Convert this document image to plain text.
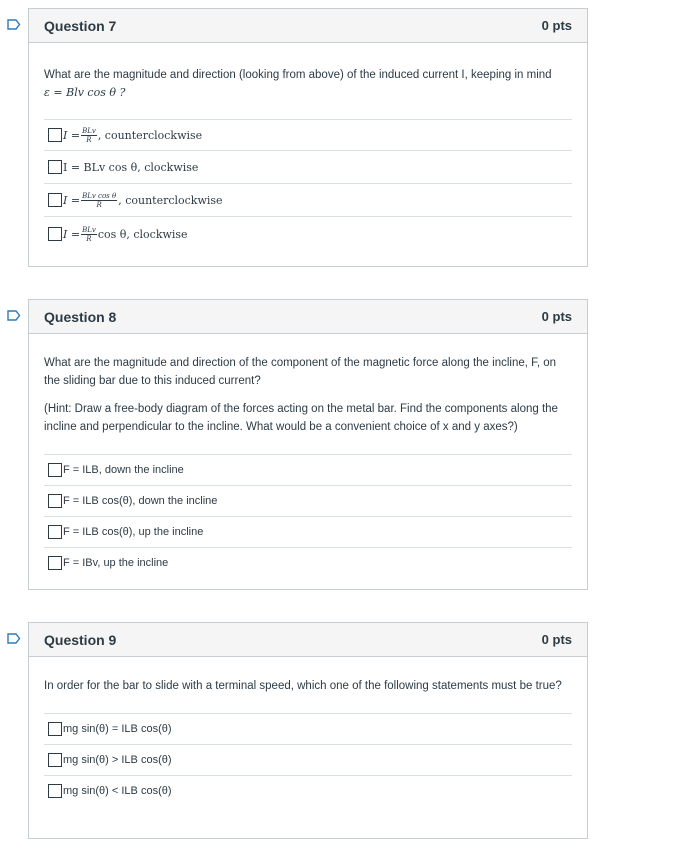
Question 7	0 pts
What are the magnitude and direction (looking from above) of the induced current I, keeping in mind
ε = Blv cos θ ?
$I = \frac{\text{BLv}}{R}$ , counterclockwise
I = BLv cos θ, clockwise
$I = \frac{\text{BLv cos θ}}{R}$ , counterclockwise
$I = \frac{\text{BLv}}{R}$ cos θ, clockwise
Question 8	0 pts
What are the magnitude and direction of the component of the magnetic force along the incline, F, on the sliding bar due to this induced current?
(Hint: Draw a free-body diagram of the forces acting on the metal bar. Find the components along the incline and perpendicular to the incline. What would be a convenient choice of x and y axes?)
F = ILB, down the incline
F = ILB cos(θ), down the incline
F = ILB cos(θ), up the incline
F = IBv, up the incline
Question 9	0 pts
In order for the bar to slide with a terminal speed, which one of the following statements must be true?
mg sin(θ) = ILB cos(θ)
mg sin(θ) > ILB cos(θ)
mg sin(θ) < ILB cos(θ)
